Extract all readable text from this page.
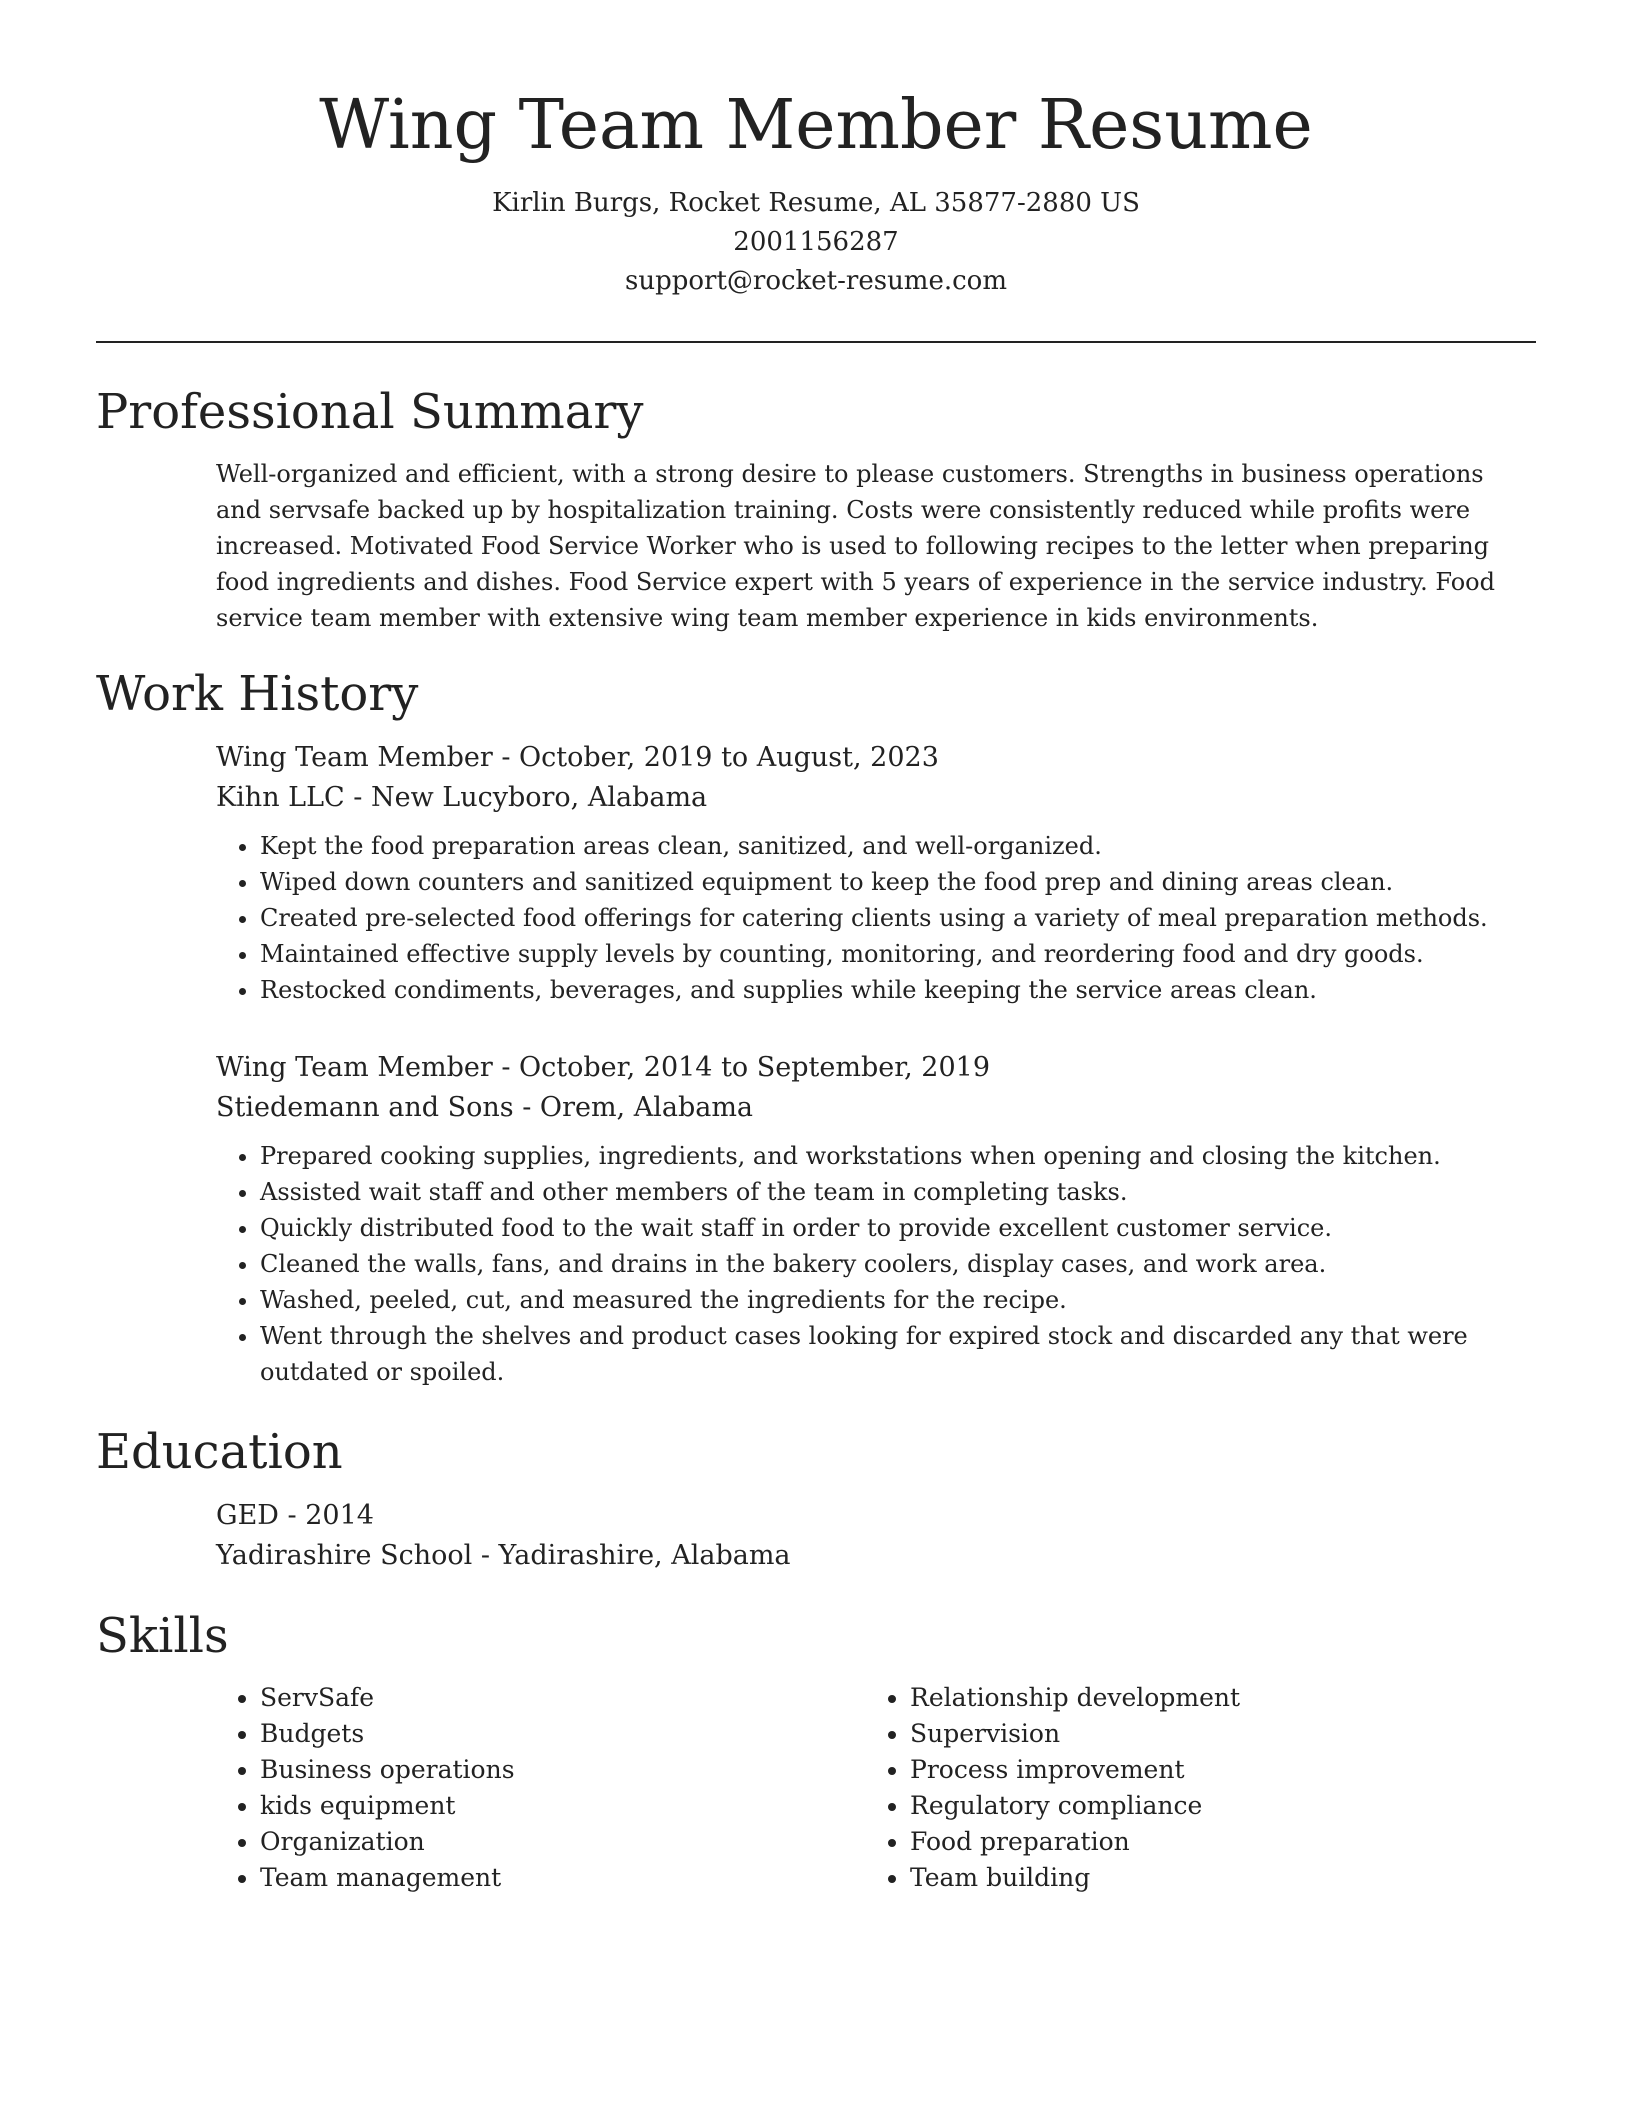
Wing Team Member Resume
Kirlin Burgs, Rocket Resume, AL 35877-2880 US
2001156287
support@rocket-resume.com
Professional Summary

Well-organized and efficient, with a strong desire to please customers. Strengths in business operations and servsafe backed up by hospitalization training. Costs were consistently reduced while profits were increased. Motivated Food Service Worker who is used to following recipes to the letter when preparing food ingredients and dishes. Food Service expert with 5 years of experience in the service industry. Food service team member with extensive wing team member experience in kids environments.

Work History
Wing Team Member - October, 2019 to August, 2023
Kihn LLC - New Lucyboro, Alabama
• Kept the food preparation areas clean, sanitized, and well-organized.
• Wiped down counters and sanitized equipment to keep the food prep and dining areas clean.
• Created pre-selected food offerings for catering clients using a variety of meal preparation methods.
• Maintained effective supply levels by counting, monitoring, and reordering food and dry goods.
• Restocked condiments, beverages, and supplies while keeping the service areas clean.
Wing Team Member - October, 2014 to September, 2019
Stiedemann and Sons - Orem, Alabama
• Prepared cooking supplies, ingredients, and workstations when opening and closing the kitchen.
• Assisted wait staff and other members of the team in completing tasks.
• Quickly distributed food to the wait staff in order to provide excellent customer service.
• Cleaned the walls, fans, and drains in the bakery coolers, display cases, and work area.
• Washed, peeled, cut, and measured the ingredients for the recipe.
• Went through the shelves and product cases looking for expired stock and discarded any that were outdated or spoiled.
Education
GED - 2014
Yadirashire School - Yadirashire, Alabama
Skills
• ServSafe
• Budgets
• Business operations
• kids equipment
• Organization
• Team management
• Relationship development
• Supervision
• Process improvement
• Regulatory compliance
• Food preparation
• Team building
